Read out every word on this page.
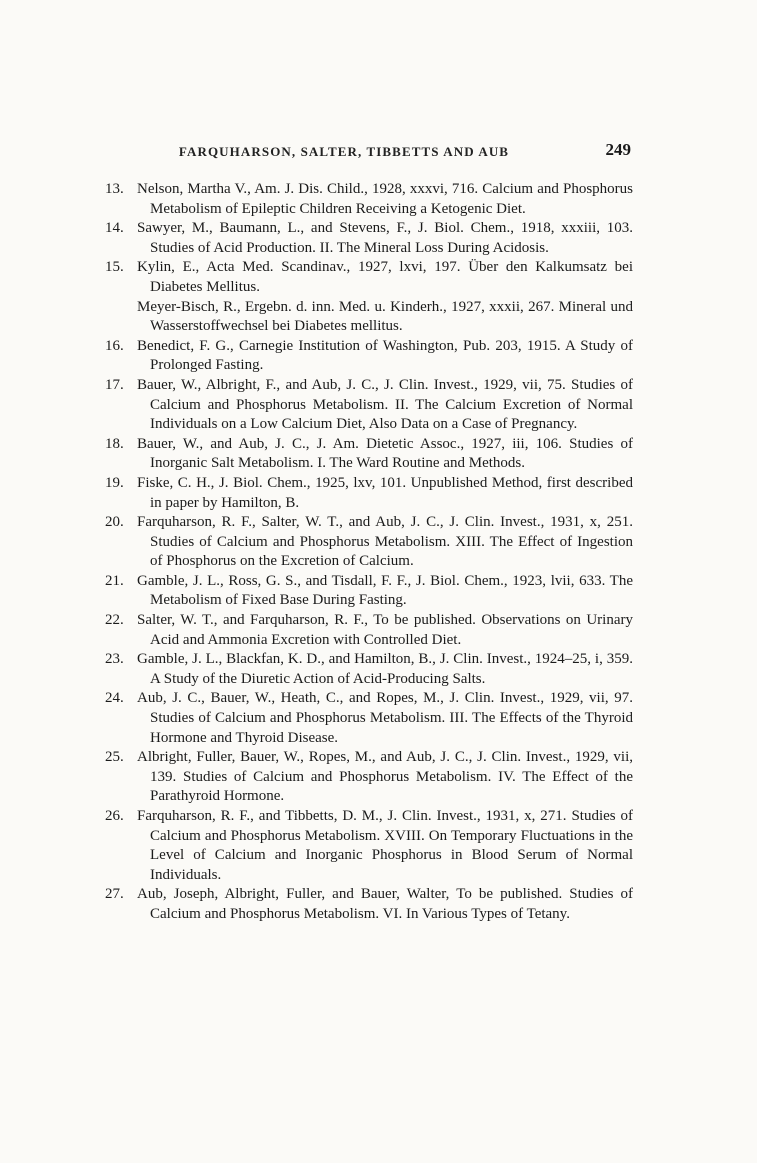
FARQUHARSON, SALTER, TIBBETTS AND AUB	249

13. Nelson, Martha V., Am. J. Dis. Child., 1928, xxxvi, 716. Calcium and Phosphorus Metabolism of Epileptic Children Receiving a Ketogenic Diet.

14. Sawyer, M., Baumann, L., and Stevens, F., J. Biol. Chem., 1918, xxxiii, 103. Studies of Acid Production. II. The Mineral Loss During Acidosis.

15. Kylin, E., Acta Med. Scandinav., 1927, lxvi, 197. Über den Kalkumsatz bei Diabetes Mellitus.

Meyer-Bisch, R., Ergebn. d. inn. Med. u. Kinderh., 1927, xxxii, 267. Mineral und Wasserstoffwechsel bei Diabetes mellitus.

16. Benedict, F. G., Carnegie Institution of Washington, Pub. 203, 1915. A Study of Prolonged Fasting.

17. Bauer, W., Albright, F., and Aub, J. C., J. Clin. Invest., 1929, vii, 75. Studies of Calcium and Phosphorus Metabolism. II. The Calcium Excretion of Normal Individuals on a Low Calcium Diet, Also Data on a Case of Pregnancy.

18. Bauer, W., and Aub, J. C., J. Am. Dietetic Assoc., 1927, iii, 106. Studies of Inorganic Salt Metabolism. I. The Ward Routine and Methods.

19. Fiske, C. H., J. Biol. Chem., 1925, lxv, 101. Unpublished Method, first described in paper by Hamilton, B.

20. Farquharson, R. F., Salter, W. T., and Aub, J. C., J. Clin. Invest., 1931, x, 251. Studies of Calcium and Phosphorus Metabolism. XIII. The Effect of Ingestion of Phosphorus on the Excretion of Calcium.

21. Gamble, J. L., Ross, G. S., and Tisdall, F. F., J. Biol. Chem., 1923, lvii, 633. The Metabolism of Fixed Base During Fasting.

22. Salter, W. T., and Farquharson, R. F., To be published. Observations on Urinary Acid and Ammonia Excretion with Controlled Diet.

23. Gamble, J. L., Blackfan, K. D., and Hamilton, B., J. Clin. Invest., 1924–25, i, 359. A Study of the Diuretic Action of Acid-Producing Salts.

24. Aub, J. C., Bauer, W., Heath, C., and Ropes, M., J. Clin. Invest., 1929, vii, 97. Studies of Calcium and Phosphorus Metabolism. III. The Effects of the Thyroid Hormone and Thyroid Disease.

25. Albright, Fuller, Bauer, W., Ropes, M., and Aub, J. C., J. Clin. Invest., 1929, vii, 139. Studies of Calcium and Phosphorus Metabolism. IV. The Effect of the Parathyroid Hormone.

26. Farquharson, R. F., and Tibbetts, D. M., J. Clin. Invest., 1931, x, 271. Studies of Calcium and Phosphorus Metabolism. XVIII. On Temporary Fluctuations in the Level of Calcium and Inorganic Phosphorus in Blood Serum of Normal Individuals.

27. Aub, Joseph, Albright, Fuller, and Bauer, Walter, To be published. Studies of Calcium and Phosphorus Metabolism. VI. In Various Types of Tetany.
